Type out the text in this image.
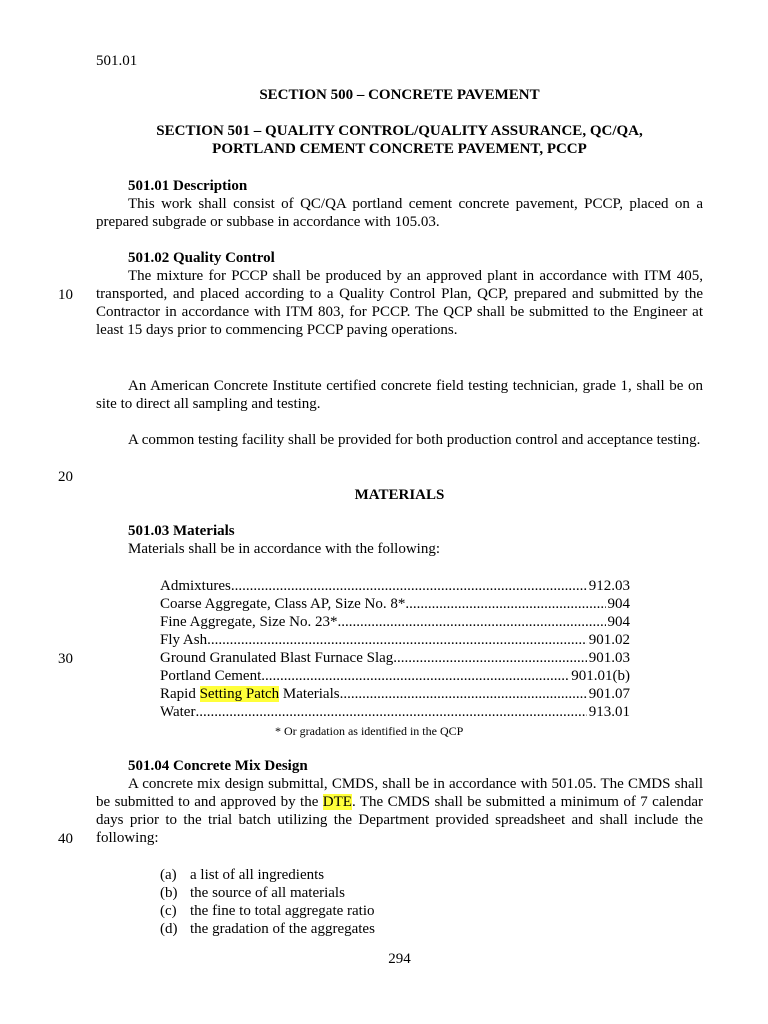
501.01
SECTION 500 – CONCRETE PAVEMENT
SECTION 501 – QUALITY CONTROL/QUALITY ASSURANCE, QC/QA,
PORTLAND CEMENT CONCRETE PAVEMENT, PCCP
501.01 Description
This work shall consist of QC/QA portland cement concrete pavement, PCCP, placed on a prepared subgrade or subbase in accordance with 105.03.
501.02 Quality Control
The mixture for PCCP shall be produced by an approved plant in accordance with ITM 405, transported, and placed according to a Quality Control Plan, QCP, prepared and submitted by the Contractor in accordance with ITM 803, for PCCP. The QCP shall be submitted to the Engineer at least 15 days prior to commencing PCCP paving operations.
An American Concrete Institute certified concrete field testing technician, grade 1, shall be on site to direct all sampling and testing.
A common testing facility shall be provided for both production control and acceptance testing.
MATERIALS
501.03 Materials
Materials shall be in accordance with the following:
Admixtures .....	912.03
Coarse Aggregate, Class AP, Size No. 8* .....	904
Fine Aggregate, Size No. 23* .....	904
Fly Ash .....	901.02
Ground Granulated Blast Furnace Slag .....	901.03
Portland Cement .....	901.01(b)
Rapid Setting Patch Materials .....	901.07
Water .....	913.01
* Or gradation as identified in the QCP
501.04 Concrete Mix Design
A concrete mix design submittal, CMDS, shall be in accordance with 501.05. The CMDS shall be submitted to and approved by the DTE. The CMDS shall be submitted a minimum of 7 calendar days prior to the trial batch utilizing the Department provided spreadsheet and shall include the following:
(a) a list of all ingredients
(b) the source of all materials
(c) the fine to total aggregate ratio
(d) the gradation of the aggregates
10
20
30
40
294
